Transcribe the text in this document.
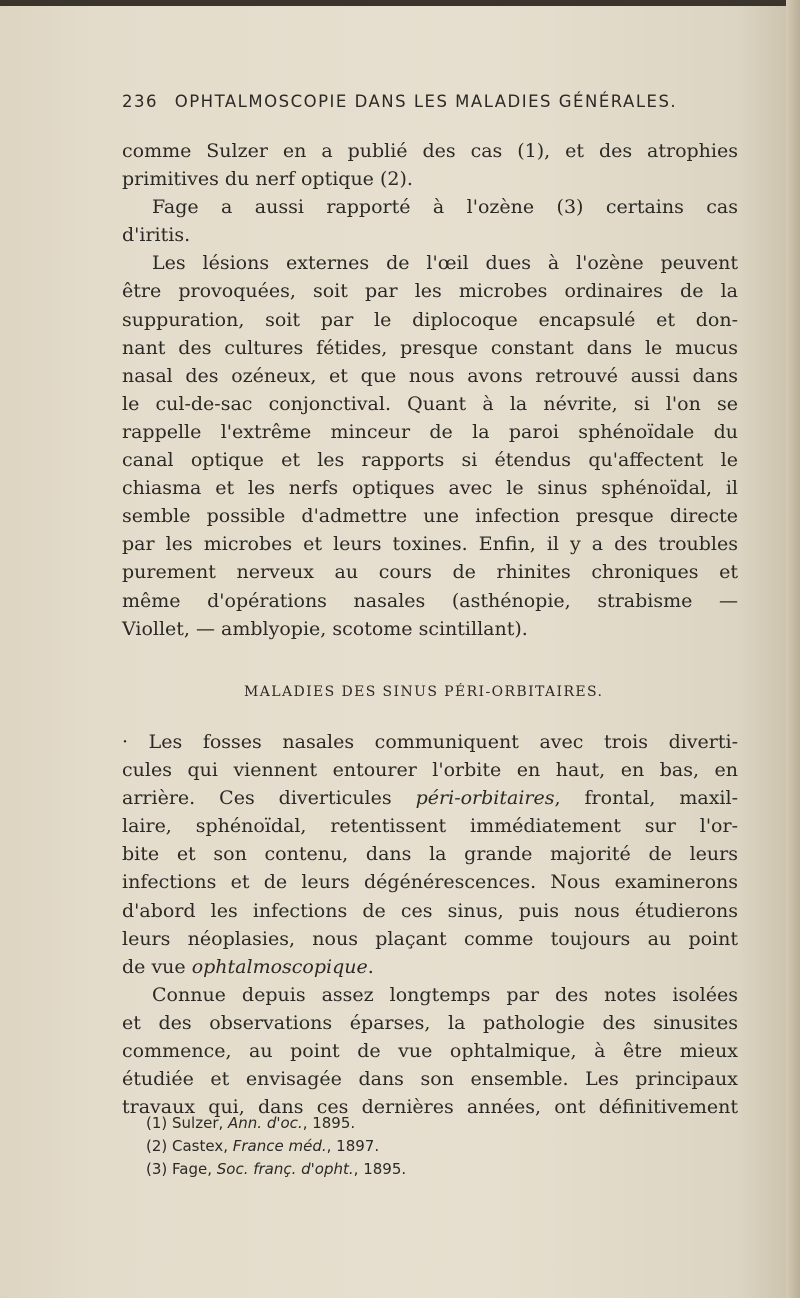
236 OPHTALMOSCOPIE DANS LES MALADIES GÉNÉRALES.
comme Sulzer en a publié des cas (1), et des atrophies
primitives du nerf optique (2).
Fage a aussi rapporté à l'ozène (3) certains cas
d'iritis.
Les lésions externes de l'œil dues à l'ozène peuvent
être provoquées, soit par les microbes ordinaires de la
suppuration, soit par le diplocoque encapsulé et don-
nant des cultures fétides, presque constant dans le mucus
nasal des ozéneux, et que nous avons retrouvé aussi dans
le cul-de-sac conjonctival. Quant à la névrite, si l'on se
rappelle l'extrême minceur de la paroi sphénoïdale du
canal optique et les rapports si étendus qu'affectent le
chiasma et les nerfs optiques avec le sinus sphénoïdal, il
semble possible d'admettre une infection presque directe
par les microbes et leurs toxines. Enfin, il y a des troubles
purement nerveux au cours de rhinites chroniques et
même d'opérations nasales (asthénopie, strabisme —
Viollet, — amblyopie, scotome scintillant).
MALADIES DES SINUS PÉRI-ORBITAIRES.
· Les fosses nasales communiquent avec trois diverti-
cules qui viennent entourer l'orbite en haut, en bas, en
arrière. Ces diverticules péri-orbitaires, frontal, maxil-
laire, sphénoïdal, retentissent immédiatement sur l'or-
bite et son contenu, dans la grande majorité de leurs
infections et de leurs dégénérescences. Nous examinerons
d'abord les infections de ces sinus, puis nous étudierons
leurs néoplasies, nous plaçant comme toujours au point
de vue ophtalmoscopique.
Connue depuis assez longtemps par des notes isolées
et des observations éparses, la pathologie des sinusites
commence, au point de vue ophtalmique, à être mieux
étudiée et envisagée dans son ensemble. Les principaux
travaux qui, dans ces dernières années, ont définitivement
(1) Sulzer, Ann. d'oc., 1895.
(2) Castex, France méd., 1897.
(3) Fage, Soc. franç. d'opht., 1895.
